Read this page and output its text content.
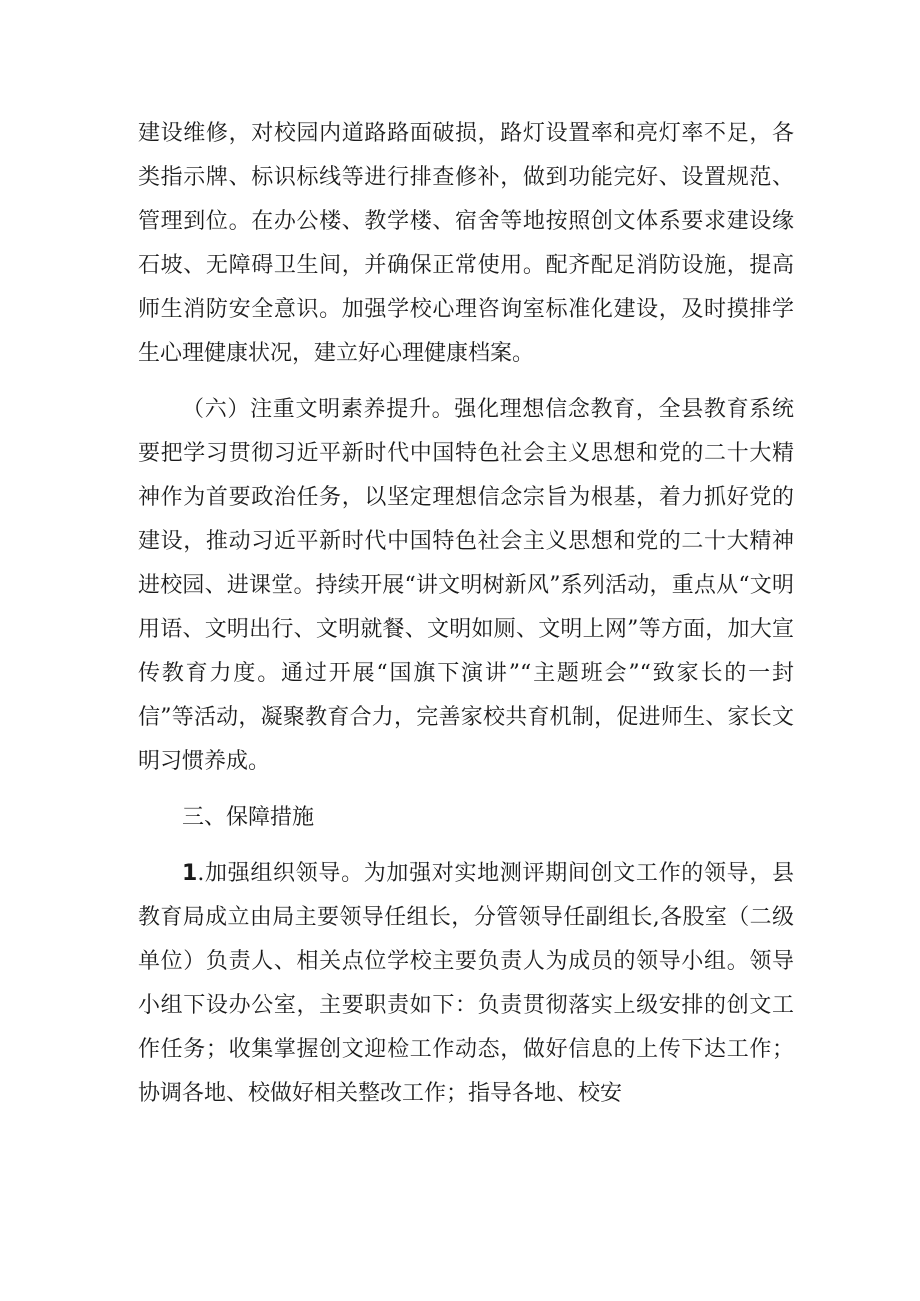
建设维修，对校园内道路路面破损，路灯设置率和亮灯率不足，各类指示牌、标识标线等进行排查修补，做到功能完好、设置规范、管理到位。在办公楼、教学楼、宿舍等地按照创文体系要求建设缘石坡、无障碍卫生间，并确保正常使用。配齐配足消防设施，提高师生消防安全意识。加强学校心理咨询室标准化建设，及时摸排学生心理健康状况，建立好心理健康档案。

（六）注重文明素养提升。强化理想信念教育，全县教育系统要把学习贯彻习近平新时代中国特色社会主义思想和党的二十大精神作为首要政治任务，以坚定理想信念宗旨为根基，着力抓好党的建设，推动习近平新时代中国特色社会主义思想和党的二十大精神进校园、进课堂。持续开展“讲文明树新风”系列活动，重点从“文明用语、文明出行、文明就餐、文明如厕、文明上网”等方面，加大宣传教育力度。通过开展“国旗下演讲”“主题班会”“致家长的一封信”等活动，凝聚教育合力，完善家校共育机制，促进师生、家长文明习惯养成。

三、保障措施

1.加强组织领导。为加强对实地测评期间创文工作的领导，县教育局成立由局主要领导任组长，分管领导任副组长,各股室（二级单位）负责人、相关点位学校主要负责人为成员的领导小组。领导小组下设办公室，主要职责如下：负责贯彻落实上级安排的创文工作任务；收集掌握创文迎检工作动态，做好信息的上传下达工作；协调各地、校做好相关整改工作；指导各地、校安
